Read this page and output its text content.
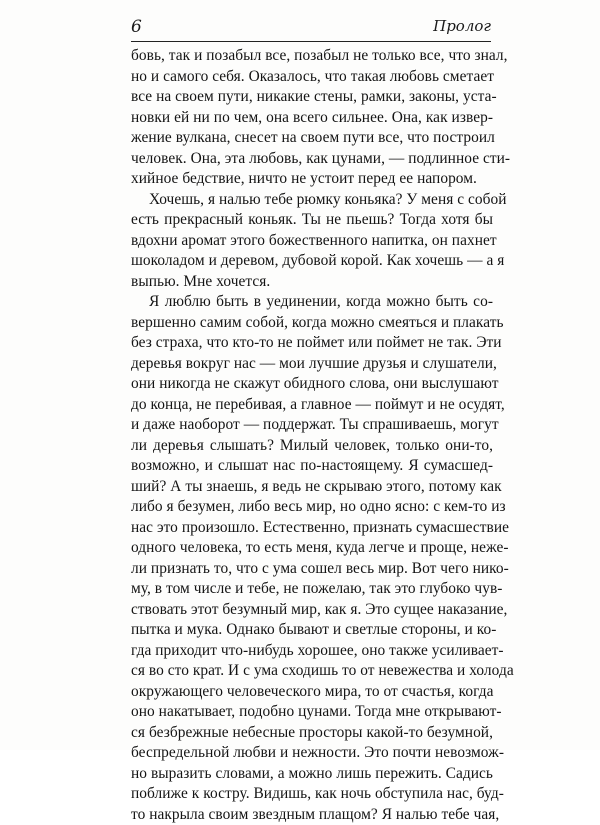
6	Пролог
бовь, так и позабыл все, позабыл не только все, что знал,
но и самого себя. Оказалось, что такая любовь сметает
все на своем пути, никакие стены, рамки, законы, уста-
новки ей ни по чем, она всего сильнее. Она, как извер-
жение вулкана, снесет на своем пути все, что построил
человек. Она, эта любовь, как цунами, — подлинное сти-
хийное бедствие, ничто не устоит перед ее напором.
Хочешь, я налью тебе рюмку коньяка? У меня с собой
есть прекрасный коньяк. Ты не пьешь? Тогда хотя бы
вдохни аромат этого божественного напитка, он пахнет
шоколадом и деревом, дубовой корой. Как хочешь — а я
выпью. Мне хочется.
Я люблю быть в уединении, когда можно быть со-
вершенно самим собой, когда можно смеяться и плакать
без страха, что кто-то не поймет или поймет не так. Эти
деревья вокруг нас — мои лучшие друзья и слушатели,
они никогда не скажут обидного слова, они выслушают
до конца, не перебивая, а главное — поймут и не осудят,
и даже наоборот — поддержат. Ты спрашиваешь, могут
ли деревья слышать? Милый человек, только они-то,
возможно, и слышат нас по-настоящему. Я сумасшед-
ший? А ты знаешь, я ведь не скрываю этого, потому как
либо я безумен, либо весь мир, но одно ясно: с кем-то из
нас это произошло. Естественно, признать сумасшествие
одного человека, то есть меня, куда легче и проще, нeже-
ли признать то, что с ума сошел весь мир. Вот чего нико-
му, в том числе и тебе, не пожелаю, так это глубоко чув-
ствовать этот безумный мир, как я. Это сущее наказание,
пытка и мука. Однако бывают и светлые стороны, и ко-
гда приходит что-нибудь хорошее, оно также усиливает-
ся во сто крат. И с ума сходишь то от невежества и холода
окружающего человеческого мира, то от счастья, когда
оно накатывает, подобно цунами. Тогда мне открывают-
ся безбрежные небесные просторы какой-то безумной,
беспредельной любви и нежности. Это почти невозмож-
но выразить словами, а можно лишь пережить. Садись
поближе к костру. Видишь, как ночь обступила нас, буд-
то накрыла своим звездным плащом? Я налью тебе чая,
